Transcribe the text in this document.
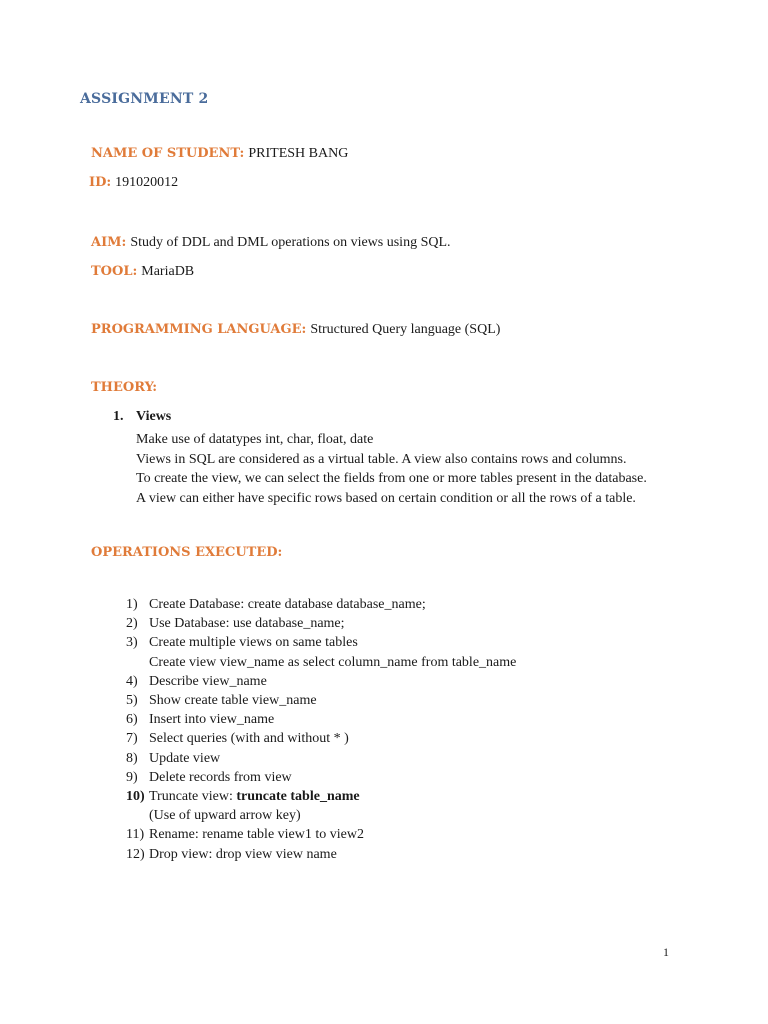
ASSIGNMENT 2
NAME OF STUDENT: PRITESH BANG
ID: 191020012
AIM: Study of DDL and DML operations on views using SQL.
TOOL: MariaDB
PROGRAMMING LANGUAGE: Structured Query language (SQL)
THEORY:
1. Views
Make use of datatypes int, char, float, date
Views in SQL are considered as a virtual table. A view also contains rows and columns.
To create the view, we can select the fields from one or more tables present in the database.
A view can either have specific rows based on certain condition or all the rows of a table.
OPERATIONS EXECUTED:
1) Create Database: create database database_name;
2) Use Database: use database_name;
3) Create multiple views on same tables
Create view view_name as select column_name from table_name
4) Describe view_name
5) Show create table view_name
6) Insert into view_name
7) Select queries (with and without * )
8) Update view
9) Delete records from view
10) Truncate view: truncate table_name
(Use of upward arrow key)
11) Rename: rename table view1 to view2
12) Drop view: drop view view name
1
